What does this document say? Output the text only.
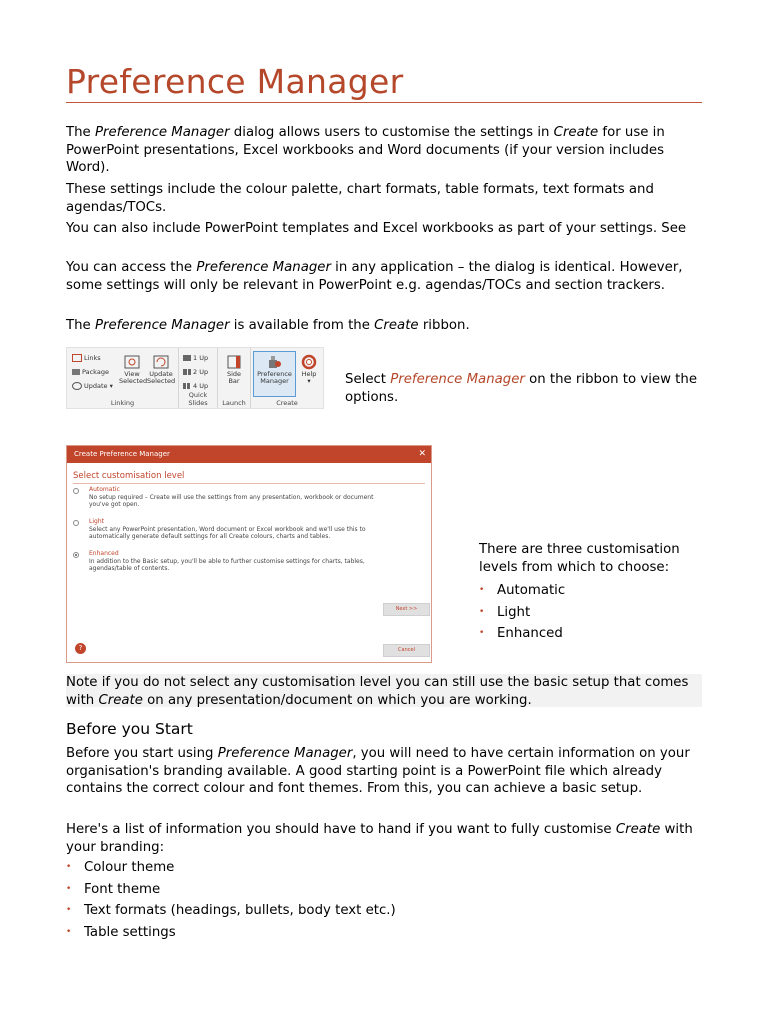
Preference Manager

The Preference Manager dialog allows users to customise the settings in Create for use in PowerPoint presentations, Excel workbooks and Word documents (if your version includes Word).

These settings include the colour palette, chart formats, table formats, text formats and agendas/TOCs.

You can also include PowerPoint templates and Excel workbooks as part of your settings. See

You can access the Preference Manager in any application – the dialog is identical. However, some settings will only be relevant in PowerPoint e.g. agendas/TOCs and section trackers.

The Preference Manager is available from the Create ribbon.

Links
Package
Update ▾
View
Selected
Update
Selected
Linking
1 Up
2 Up
4 Up
Quick Slides
Side
Bar
Launch
Preference
Manager
Help
▾
Create

Select Preference Manager on the ribbon to view the options.

Create Preference Manager	✕
Select customisation level
Automatic
No setup required – Create will use the settings from any presentation, workbook or document you've got open.
Light
Select any PowerPoint presentation, Word document or Excel workbook and we'll use this to automatically generate default settings for all Create colours, charts and tables.
Enhanced
In addition to the Basic setup, you'll be able to further customise settings for charts, tables, agendas/table of contents.
Next >>
Cancel
?

There are three customisation levels from which to choose:

• Automatic
• Light
• Enhanced

Note if you do not select any customisation level you can still use the basic setup that comes with Create on any presentation/document on which you are working.

Before you Start

Before you start using Preference Manager, you will need to have certain information on your organisation's branding available. A good starting point is a PowerPoint file which already contains the correct colour and font themes. From this, you can achieve a basic setup.

Here's a list of information you should have to hand if you want to fully customise Create with your branding:

• Colour theme
• Font theme
• Text formats (headings, bullets, body text etc.)
• Table settings
